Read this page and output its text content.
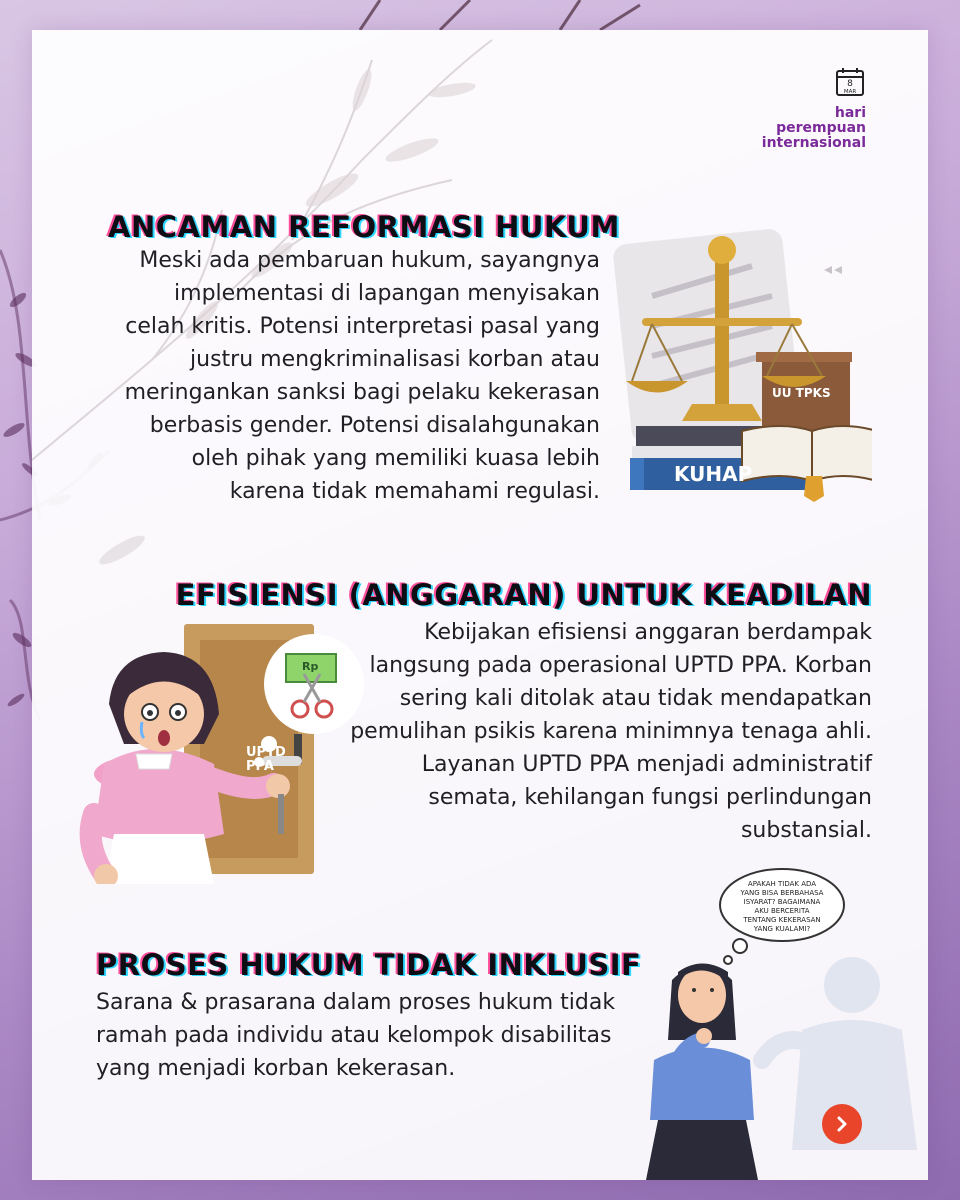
8
MAR
hari
perempuan
internasional
KUHAP
UU TPKS
ANCAMAN REFORMASI HUKUM
Meski ada pembaruan hukum, sayangnya
implementasi di lapangan menyisakan
celah kritis. Potensi interpretasi pasal yang
justru mengkriminalisasi korban atau
meringankan sanksi bagi pelaku kekerasan
berbasis gender. Potensi disalahgunakan
oleh pihak yang memiliki kuasa lebih
karena tidak memahami regulasi.
UPTD
PPA
Rp
EFISIENSI (ANGGARAN) UNTUK KEADILAN
Kebijakan efisiensi anggaran berdampak
langsung pada operasional UPTD PPA. Korban
sering kali ditolak atau tidak mendapatkan
pemulihan psikis karena minimnya tenaga ahli.
Layanan UPTD PPA menjadi administratif
semata, kehilangan fungsi perlindungan
substansial.
APAKAH TIDAK ADA
YANG BISA BERBAHASA
ISYARAT? BAGAIMANA
AKU BERCERITA
TENTANG KEKERASAN
YANG KUALAMI?
PROSES HUKUM TIDAK INKLUSIF
Sarana & prasarana dalam proses hukum tidak
ramah pada individu atau kelompok disabilitas
yang menjadi korban kekerasan.
